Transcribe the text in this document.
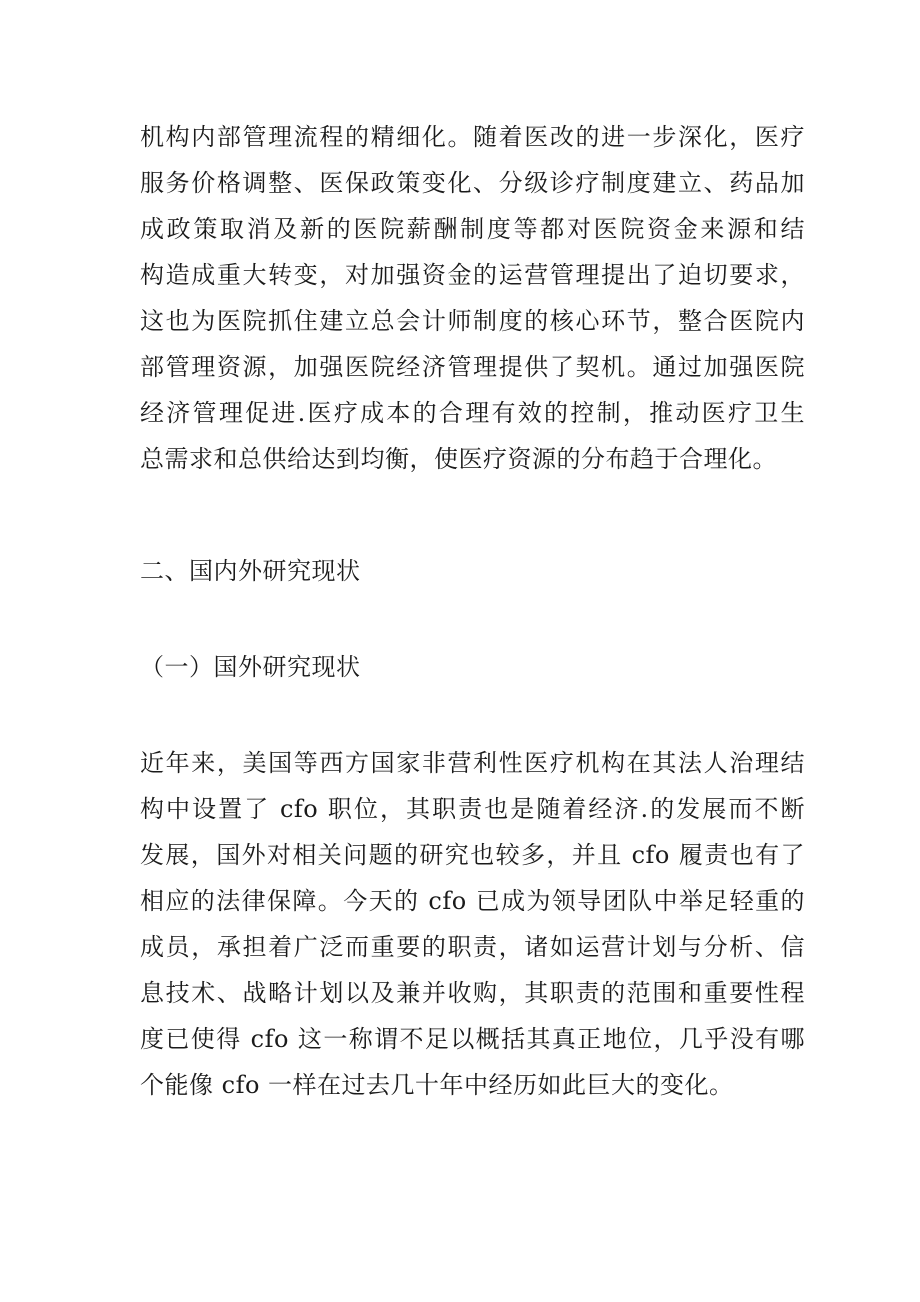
机构内部管理流程的精细化。随着医改的进一步深化，医疗
服务价格调整、医保政策变化、分级诊疗制度建立、药品加
成政策取消及新的医院薪酬制度等都对医院资金来源和结
构造成重大转变，对加强资金的运营管理提出了迫切要求，
这也为医院抓住建立总会计师制度的核心环节，整合医院内
部管理资源，加强医院经济管理提供了契机。通过加强医院
经济管理促进.医疗成本的合理有效的控制，推动医疗卫生
总需求和总供给达到均衡，使医疗资源的分布趋于合理化。
二、国内外研究现状
（一）国外研究现状
近年来，美国等西方国家非营利性医疗机构在其法人治理结
构中设置了 cfo 职位，其职责也是随着经济.的发展而不断
发展，国外对相关问题的研究也较多，并且 cfo 履责也有了
相应的法律保障。今天的 cfo 已成为领导团队中举足轻重的
成员，承担着广泛而重要的职责，诸如运营计划与分析、信
息技术、战略计划以及兼并收购，其职责的范围和重要性程
度已使得 cfo 这一称谓不足以概括其真正地位，几乎没有哪
个能像 cfo 一样在过去几十年中经历如此巨大的变化。
